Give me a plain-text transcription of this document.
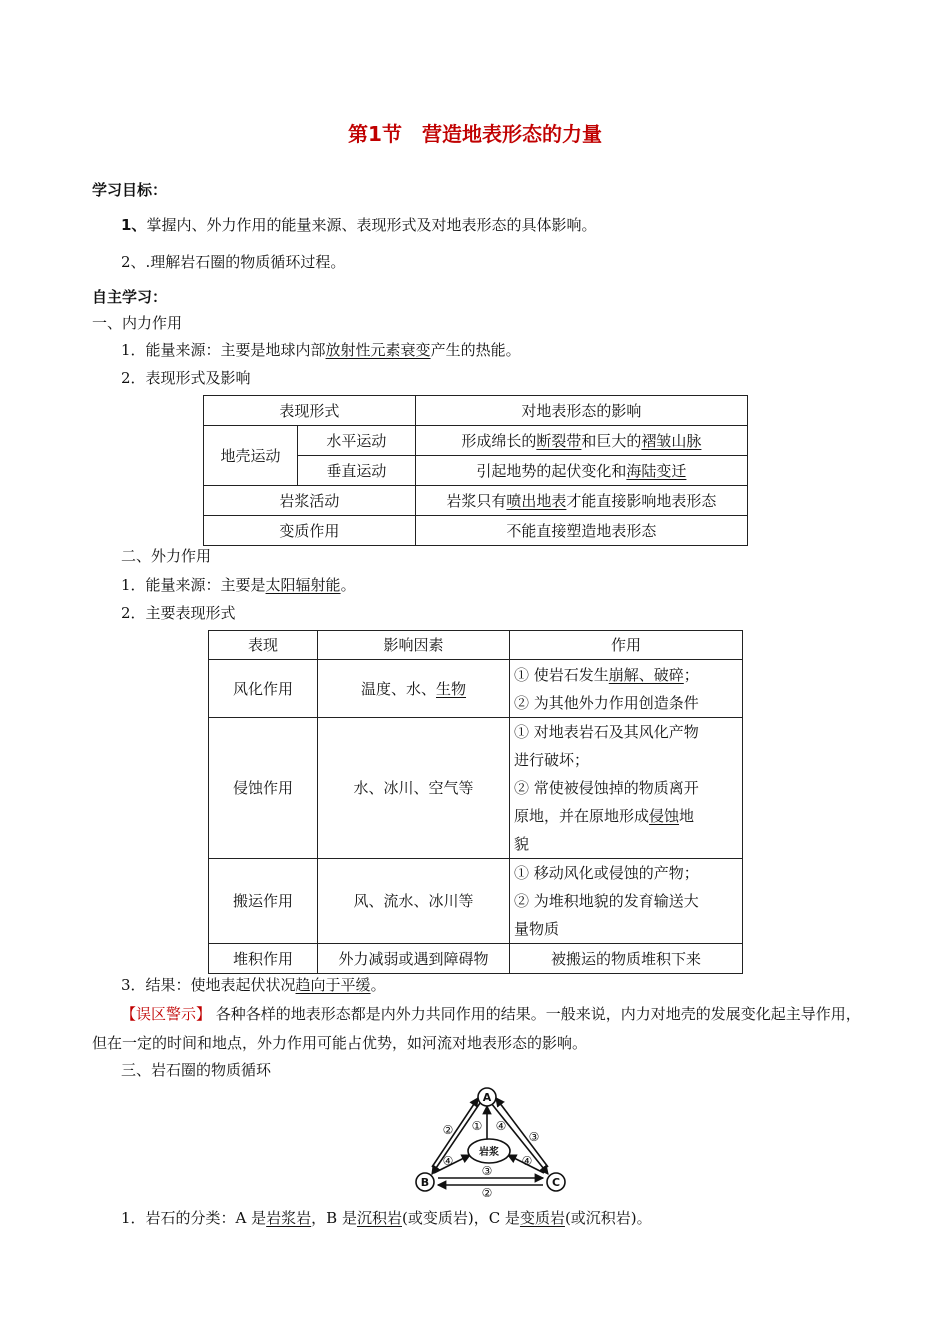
第1节　营造地表形态的力量
学习目标：
1、掌握内、外力作用的能量来源、表现形式及对地表形态的具体影响。
2、.理解岩石圈的物质循环过程。
自主学习：
一、内力作用
1．能量来源：主要是地球内部放射性元素衰变产生的热能。
2．表现形式及影响
表现形式		对地表形态的影响
地壳运动	水平运动	形成绵长的断裂带和巨大的褶皱山脉
	垂直运动	引起地势的起伏变化和海陆变迁
岩浆活动		岩浆只有喷出地表才能直接影响地表形态
变质作用		不能直接塑造地表形态
二、外力作用
1．能量来源：主要是太阳辐射能。
2．主要表现形式
表现	影响因素	作用
风化作用	温度、水、生物	① 使岩石发生崩解、破碎；
② 为其他外力作用创造条件

侵蚀作用	水、冰川、空气等	① 对地表岩石及其风化产物
进行破坏；
② 常使被侵蚀掉的物质离开
原地，并在原地形成侵蚀地
貌

搬运作用	风、流水、冰川等	① 移动风化或侵蚀的产物；
② 为堆积地貌的发育输送大
量物质

堆积作用	外力减弱或遇到障碍物	被搬运的物质堆积下来
3．结果：使地表起伏状况趋向于平缓。
【误区警示】 各种各样的地表形态都是内外力共同作用的结果。一般来说，内力对地壳的发展变化起主导作用，但在一定的时间和地点，外力作用可能占优势，如河流对地表形态的影响。
三、岩石圈的物质循环
A
B	C
岩浆
② ① ④
③
④	④
③
②
1．岩石的分类：A 是岩浆岩，B 是沉积岩(或变质岩)，C 是变质岩(或沉积岩)。
